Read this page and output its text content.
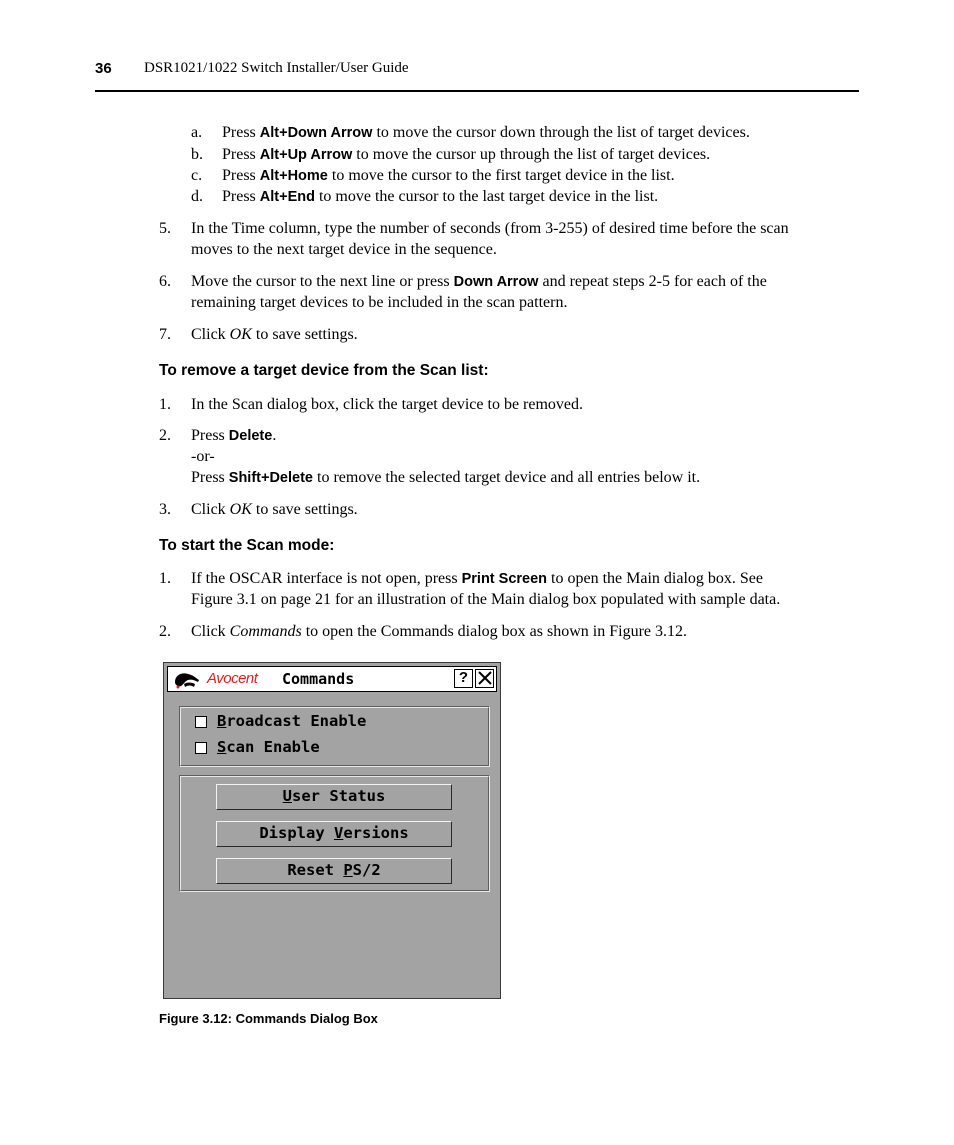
36 DSR1021/1022 Switch Installer/User Guide
a. Press Alt+Down Arrow to move the cursor down through the list of target devices.
b. Press Alt+Up Arrow to move the cursor up through the list of target devices.
c. Press Alt+Home to move the cursor to the first target device in the list.
d. Press Alt+End to move the cursor to the last target device in the list.
5. In the Time column, type the number of seconds (from 3-255) of desired time before the scan
moves to the next target device in the sequence.
6. Move the cursor to the next line or press Down Arrow and repeat steps 2-5 for each of the
remaining target devices to be included in the scan pattern.
7. Click OK to save settings.
To remove a target device from the Scan list:
1. In the Scan dialog box, click the target device to be removed.
2. Press Delete.
-or-
Press Shift+Delete to remove the selected target device and all entries below it.
3. Click OK to save settings.
To start the Scan mode:
1. If the OSCAR interface is not open, press Print Screen to open the Main dialog box. See
Figure 3.1 on page 21 for an illustration of the Main dialog box populated with sample data.
2. Click Commands to open the Commands dialog box as shown in Figure 3.12.
Avocent Commands	?
Broadcast Enable
Scan Enable
User Status
Display Versions
Reset PS/2
Figure 3.12: Commands Dialog Box
